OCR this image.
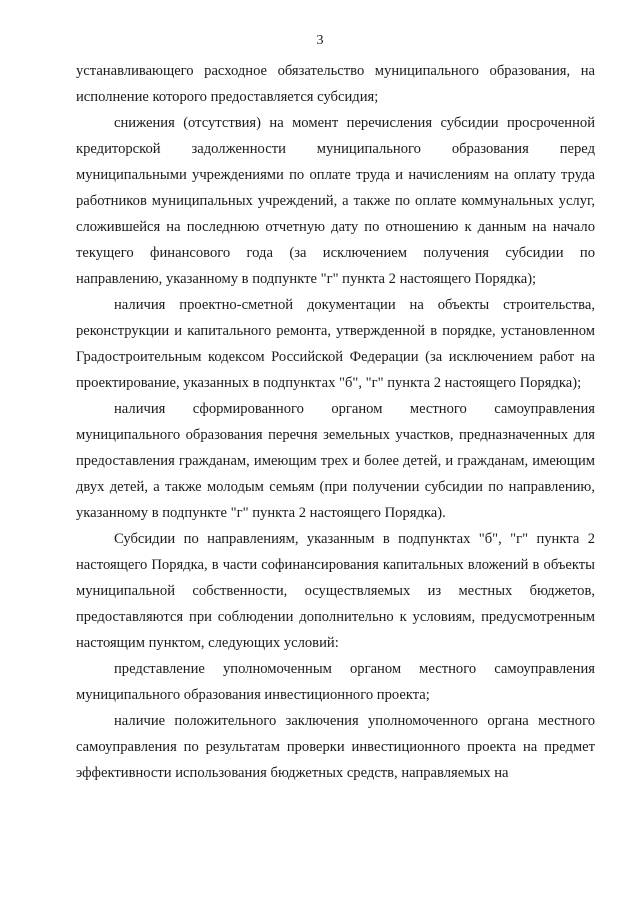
3

устанавливающего расходное обязательство муниципального образования, на исполнение которого предоставляется субсидия;

снижения (отсутствия) на момент перечисления субсидии просроченной кредиторской задолженности муниципального образования перед муниципальными учреждениями по оплате труда и начислениям на оплату труда работников муниципальных учреждений, а также по оплате коммунальных услуг, сложившейся на последнюю отчетную дату по отношению к данным на начало текущего финансового года (за исключением получения субсидии по направлению, указанному в подпункте "г" пункта 2 настоящего Порядка);

наличия проектно-сметной документации на объекты строительства, реконструкции и капитального ремонта, утвержденной в порядке, установленном Градостроительным кодексом Российской Федерации (за исключением работ на проектирование, указанных в подпунктах "б", "г" пункта 2 настоящего Порядка);

наличия сформированного органом местного самоуправления муниципального образования перечня земельных участков, предназначенных для предоставления гражданам, имеющим трех и более детей, и гражданам, имеющим двух детей, а также молодым семьям (при получении субсидии по направлению, указанному в подпункте "г" пункта 2 настоящего Порядка).

Субсидии по направлениям, указанным в подпунктах "б", "г" пункта 2 настоящего Порядка, в части софинансирования капитальных вложений в объекты муниципальной собственности, осуществляемых из местных бюджетов, предоставляются при соблюдении дополнительно к условиям, предусмотренным настоящим пунктом, следующих условий:

представление уполномоченным органом местного самоуправления муниципального образования инвестиционного проекта;

наличие положительного заключения уполномоченного органа местного самоуправления по результатам проверки инвестиционного проекта на предмет эффективности использования бюджетных средств, направляемых на
